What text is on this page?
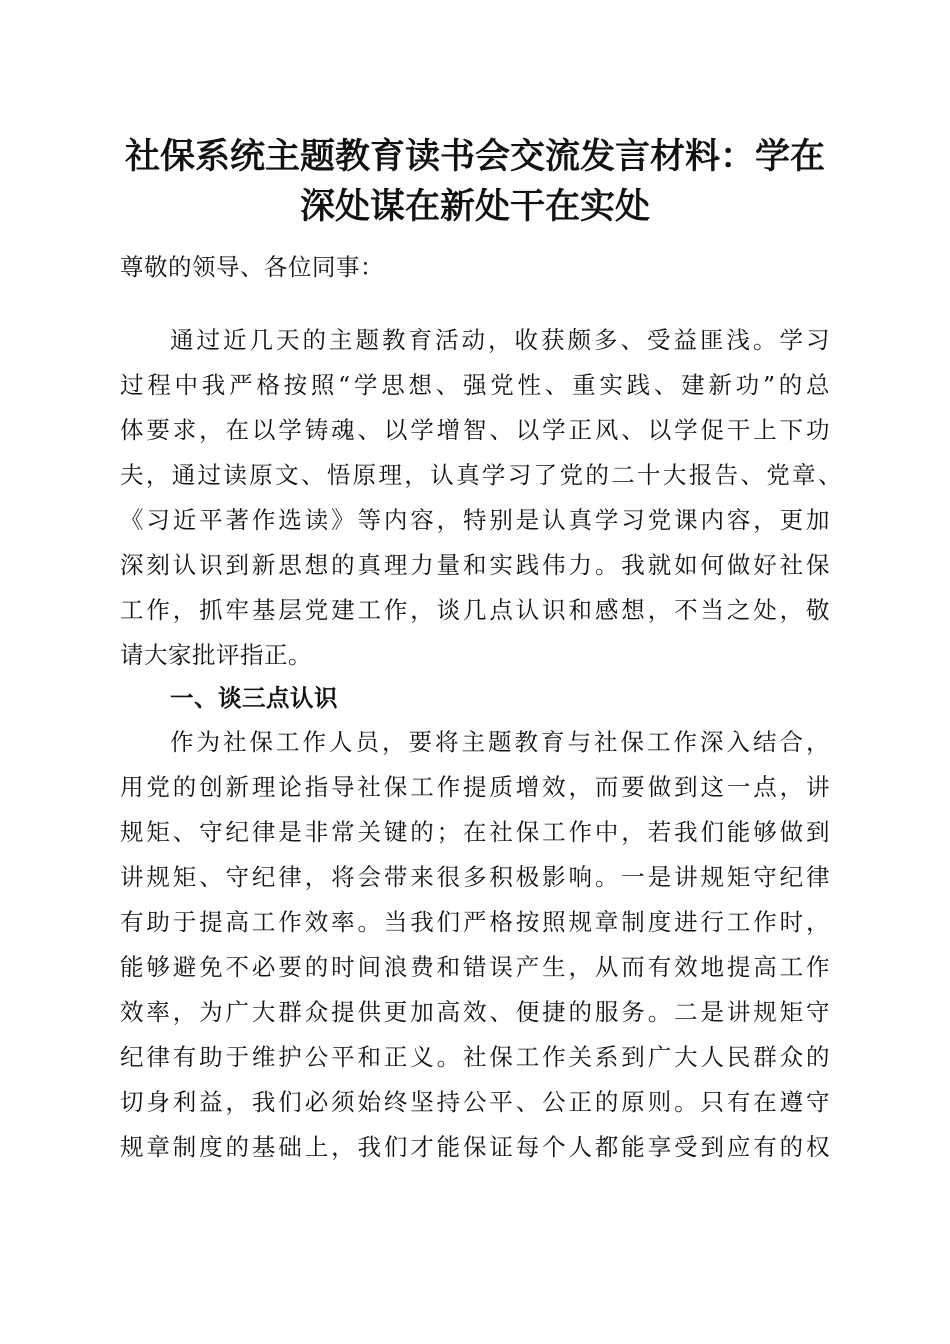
社保系统主题教育读书会交流发言材料：学在
深处谋在新处干在实处
尊敬的领导、各位同事：
通过近几天的主题教育活动，收获颇多、受益匪浅。学习
过程中我严格按照“学思想、强党性、重实践、建新功”的总
体要求，在以学铸魂、以学增智、以学正风、以学促干上下功
夫，通过读原文、悟原理，认真学习了党的二十大报告、党章、
《习近平著作选读》等内容，特别是认真学习党课内容，更加
深刻认识到新思想的真理力量和实践伟力。我就如何做好社保
工作，抓牢基层党建工作，谈几点认识和感想，不当之处，敬
请大家批评指正。
一、谈三点认识
作为社保工作人员，要将主题教育与社保工作深入结合，
用党的创新理论指导社保工作提质增效，而要做到这一点，讲
规矩、守纪律是非常关键的；在社保工作中，若我们能够做到
讲规矩、守纪律，将会带来很多积极影响。一是讲规矩守纪律
有助于提高工作效率。当我们严格按照规章制度进行工作时，
能够避免不必要的时间浪费和错误产生，从而有效地提高工作
效率，为广大群众提供更加高效、便捷的服务。二是讲规矩守
纪律有助于维护公平和正义。社保工作关系到广大人民群众的
切身利益，我们必须始终坚持公平、公正的原则。只有在遵守
规章制度的基础上，我们才能保证每个人都能享受到应有的权
